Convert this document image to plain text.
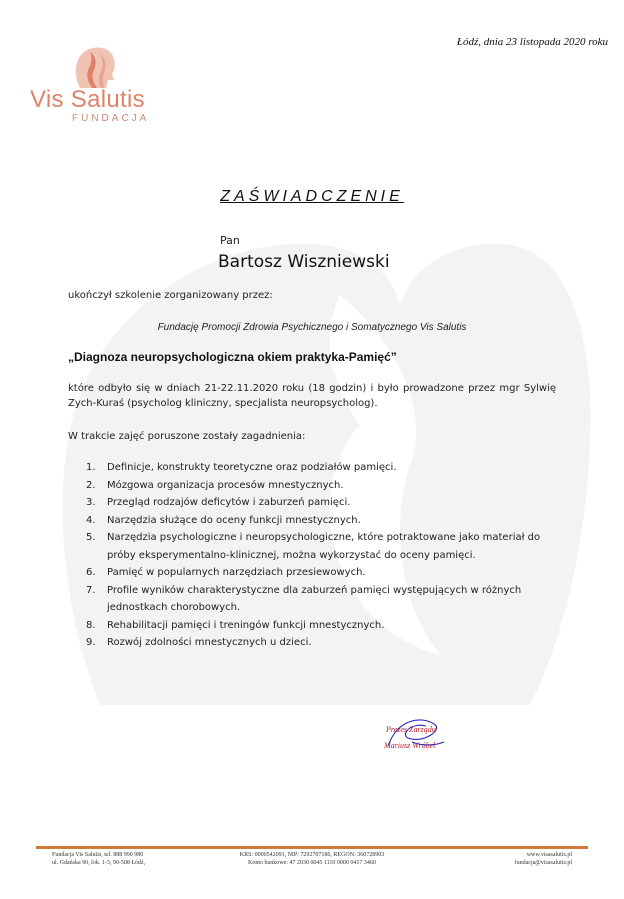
Łódź, dnia 23 listopada 2020 roku
Vis Salutis
FUNDACJA
ZAŚWIADCZENIE
Pan
Bartosz Wiszniewski
ukończył szkolenie zorganizowany przez:
Fundację Promocji Zdrowia Psychicznego i Somatycznego Vis Salutis
„Diagnoza neuropsychologiczna okiem praktyka-Pamięć”
które odbyło się w dniach 21-22.11.2020 roku (18 godzin) i było prowadzone przez mgr Sylwię Zych-Kuraś (psycholog kliniczny, specjalista neuropsycholog).
W trakcie zajęć poruszone zostały zagadnienia:
1. Definicje, konstrukty teoretyczne oraz podziałów pamięci.
2. Mózgowa organizacja procesów mnestycznych.
3. Przegląd rodzajów deficytów i zaburzeń pamięci.
4. Narzędzia służące do oceny funkcji mnestycznych.
5. Narzędzia psychologiczne i neuropsychologiczne, które potraktowane jako materiał do próby eksperymentalno-klinicznej, można wykorzystać do oceny pamięci.
6. Pamięć w popularnych narzędziach przesiewowych.
7. Profile wyników charakterystyczne dla zaburzeń pamięci występujących w różnych jednostkach chorobowych.
8. Rehabilitacji pamięci i treningów funkcji mnestycznych.
9. Rozwój zdolności mnestycznych u dzieci.
Prezes Zarządu
Mariusz Wróbel
Fundacja Vis Salutis, tel. 888 990 980
ul. Gdańska 90, lok. 1-3, 90-508 Łódź,
KRS: 0000542091, NIP: 7292707186, REGON: 360728903
Konto bankowe: 47 2030 0045 1110 0000 0417 3460
www.visasalutis.pl
fundacja@visasalutis.pl
